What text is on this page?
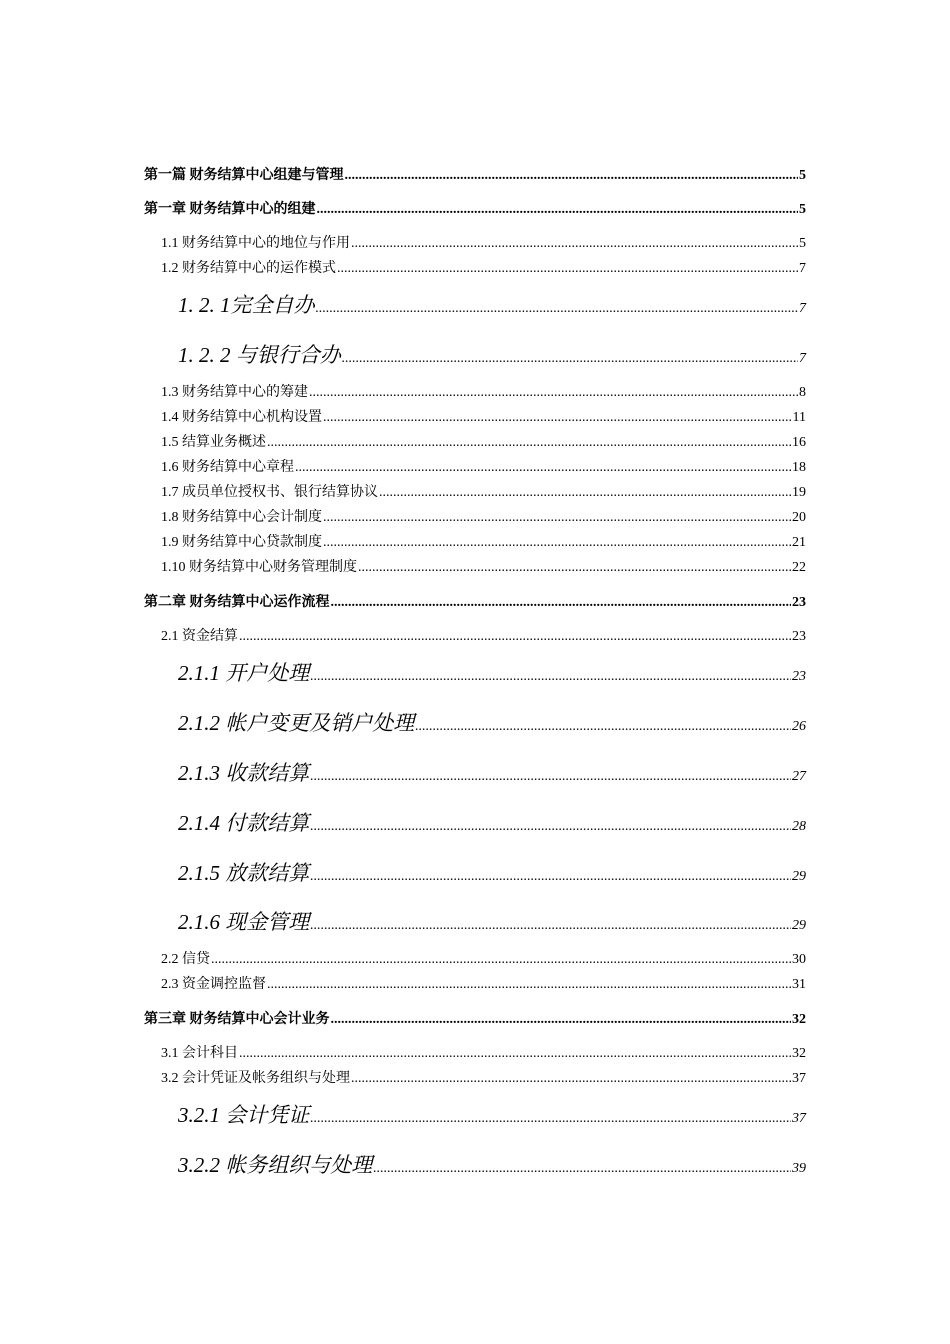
第一篇 财务结算中心组建与管理 .....	5
第一章 财务结算中心的组建 .....	5
1.1 财务结算中心的地位与作用 .....	5
1.2 财务结算中心的运作模式 .....	7
1. 2. 1完全自办 .....	7
1. 2. 2 与银行合办 .....	7
1.3 财务结算中心的筹建 .....	8
1.4 财务结算中心机构设置 .....	11
1.5 结算业务概述 .....	16
1.6 财务结算中心章程 .....	18
1.7 成员单位授权书、银行结算协议 .....	19
1.8 财务结算中心会计制度 .....	20
1.9 财务结算中心贷款制度 .....	21
1.10 财务结算中心财务管理制度 .....	22
第二章 财务结算中心运作流程 .....	23
2.1 资金结算 .....	23
2.1.1 开户处理 .....	23
2.1.2 帐户变更及销户处理 .....	26
2.1.3 收款结算 .....	27
2.1.4 付款结算 .....	28
2.1.5 放款结算 .....	29
2.1.6 现金管理 .....	29
2.2 信贷 .....	30
2.3 资金调控监督 .....	31
第三章 财务结算中心会计业务 .....	32
3.1 会计科目 .....	32
3.2 会计凭证及帐务组织与处理 .....	37
3.2.1 会计凭证 .....	37
3.2.2 帐务组织与处理 .....	39
